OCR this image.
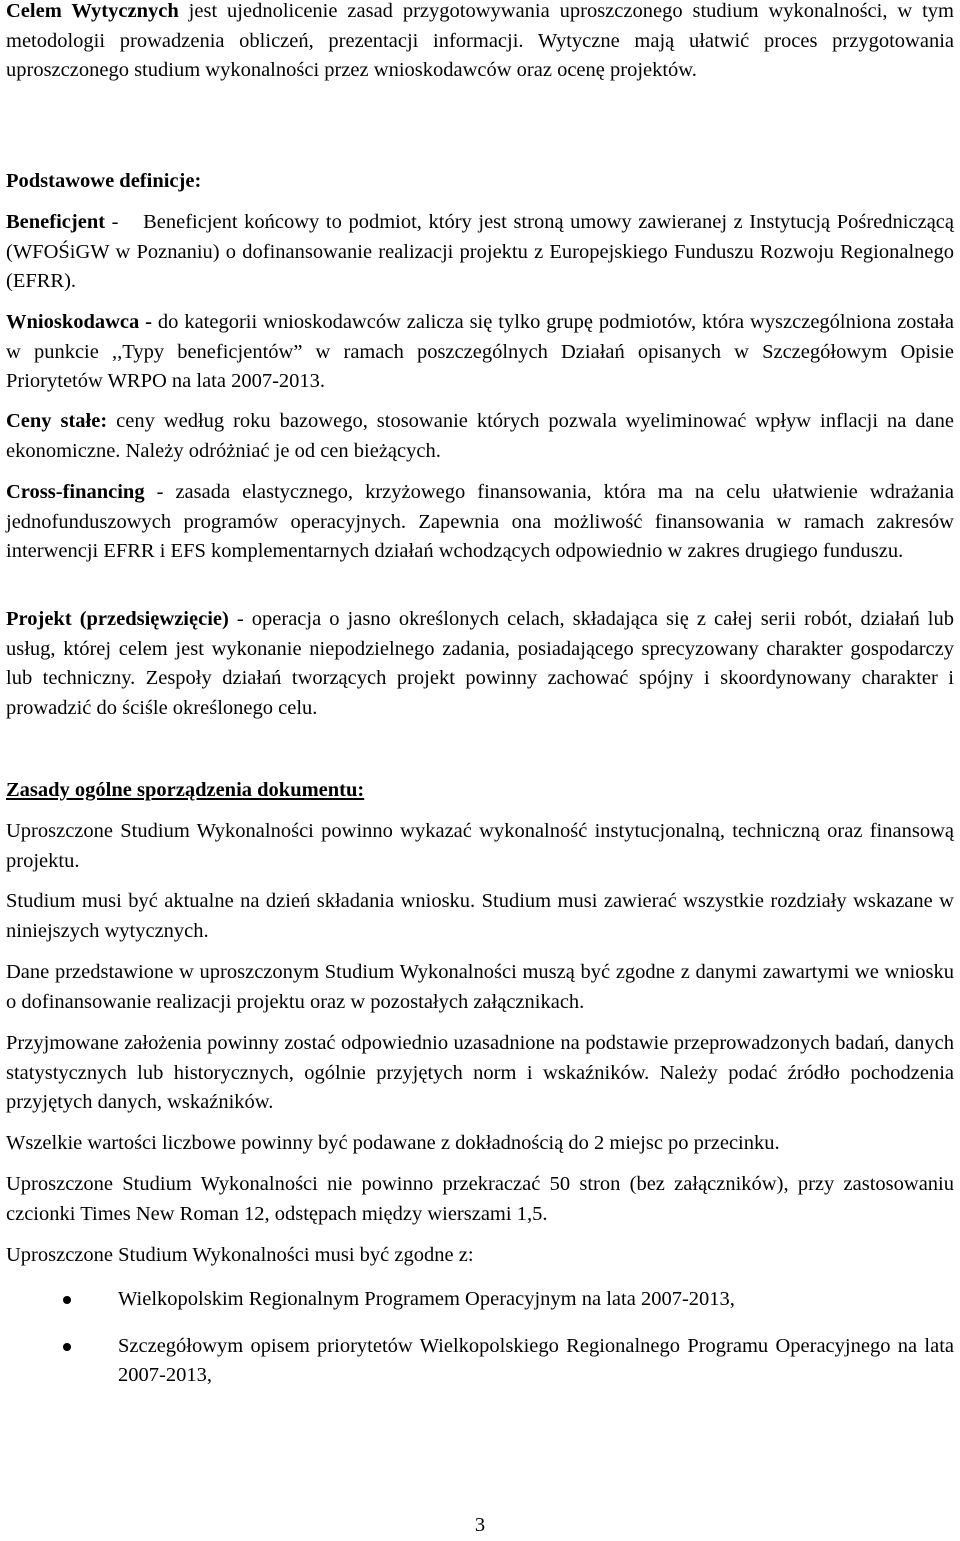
Celem Wytycznych jest ujednolicenie zasad przygotowywania uproszczonego studium wykonalności, w tym metodologii prowadzenia obliczeń, prezentacji informacji. Wytyczne mają ułatwić proces przygotowania uproszczonego studium wykonalności przez wnioskodawców oraz ocenę projektów.

Podstawowe definicje:

Beneficjent - Beneficjent końcowy to podmiot, który jest stroną umowy zawieranej z Instytucją Pośredniczącą (WFOŚiGW w Poznaniu) o dofinansowanie realizacji projektu z Europejskiego Funduszu Rozwoju Regionalnego (EFRR).

Wnioskodawca - do kategorii wnioskodawców zalicza się tylko grupę podmiotów, która wyszczególniona została w punkcie ,,Typy beneficjentów” w ramach poszczególnych Działań opisanych w Szczegółowym Opisie Priorytetów WRPO na lata 2007-2013.

Ceny stałe: ceny według roku bazowego, stosowanie których pozwala wyeliminować wpływ inflacji na dane ekonomiczne. Należy odróżniać je od cen bieżących.

Cross-financing - zasada elastycznego, krzyżowego finansowania, która ma na celu ułatwienie wdrażania jednofunduszowych programów operacyjnych. Zapewnia ona możliwość finansowania w ramach zakresów interwencji EFRR i EFS komplementarnych działań wchodzących odpowiednio w zakres drugiego funduszu.

Projekt (przedsięwzięcie) - operacja o jasno określonych celach, składająca się z całej serii robót, działań lub usług, której celem jest wykonanie niepodzielnego zadania, posiadającego sprecyzowany charakter gospodarczy lub techniczny. Zespoły działań tworzących projekt powinny zachować spójny i skoordynowany charakter i prowadzić do ściśle określonego celu.

Zasady ogólne sporządzenia dokumentu:

Uproszczone Studium Wykonalności powinno wykazać wykonalność instytucjonalną, techniczną oraz finansową projektu.

Studium musi być aktualne na dzień składania wniosku. Studium musi zawierać wszystkie rozdziały wskazane w niniejszych wytycznych.

Dane przedstawione w uproszczonym Studium Wykonalności muszą być zgodne z danymi zawartymi we wniosku o dofinansowanie realizacji projektu oraz w pozostałych załącznikach.

Przyjmowane założenia powinny zostać odpowiednio uzasadnione na podstawie przeprowadzonych badań, danych statystycznych lub historycznych, ogólnie przyjętych norm i wskaźników. Należy podać źródło pochodzenia przyjętych danych, wskaźników.

Wszelkie wartości liczbowe powinny być podawane z dokładnością do 2 miejsc po przecinku.

Uproszczone Studium Wykonalności nie powinno przekraczać 50 stron (bez załączników), przy zastosowaniu czcionki Times New Roman 12, odstępach między wierszami 1,5.

Uproszczone Studium Wykonalności musi być zgodne z:

Wielkopolskim Regionalnym Programem Operacyjnym na lata 2007-2013,
Szczegółowym opisem priorytetów Wielkopolskiego Regionalnego Programu Operacyjnego na lata 2007-2013,
3
